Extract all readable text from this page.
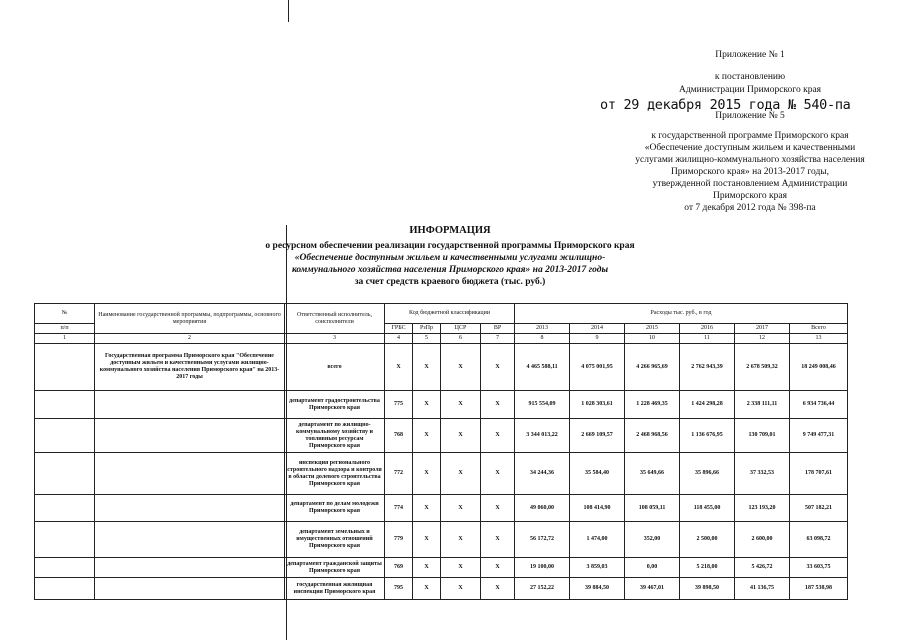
Приложение № 1
к постановлению
Администрации Приморского края
от 29 декабря 2015 года № 540-па
Приложение № 5
к государственной программе Приморского края
«Обеспечение доступным жильем и качественными
услугами жилищно-коммунального хозяйства населения
Приморского края» на 2013-2017 годы,
утвержденной постановлением Администрации
Приморского края
от 7 декабря 2012 года № 398-па
ИНФОРМАЦИЯ
о ресурсном обеспечении реализации государственной программы Приморского края
«Обеспечение доступным жильем и качественными услугами жилищно-
коммунального хозяйства населения Приморского края» на 2013-2017 годы
за счет средств краевого бюджета (тыс. руб.)
№	Наименование государственной программы, подпрограммы, основного мероприятия	Ответственный исполнитель, соисполнители	Код бюджетной классификации				Расходы тыс. руб., в год					
п/п			ГРБС	РзПр	ЦСР	ВР	2013	2014	2015	2016	2017	Всего
1	2	3	4	5	6	7	8	9	10	11	12	13
	Государственная программа Приморского края "Обеспечение доступным жильем и качественными услугами жилищно-коммунального хозяйства населения Приморского края" на 2013-2017 годы	всего	Х	Х	Х	Х	4 465 588,11	4 075 001,95	4 266 965,69	2 762 943,39	2 678 509,32	18 249 008,46
		департамент градостроительства Приморского края	775	Х	Х	Х	915 554,09	1 028 303,61	1 228 469,35	1 424 298,28	2 338 111,11	6 934 736,44
		департамент по жилищно-коммунальному хозяйству и топливным ресурсам Приморского края	768	Х	Х	Х	3 344 013,22	2 669 109,57	2 468 968,56	1 136 676,95	130 709,01	9 749 477,31
		инспекция регионального строительного надзора и контроля в области долевого строительства Приморского края	772	Х	Х	Х	34 244,36	35 584,40	35 649,66	35 896,66	37 332,53	178 707,61
		департамент по делам молодежи Приморского края	774	Х	Х	Х	49 060,00	108 414,90	108 059,11	118 455,00	123 193,20	507 182,21
		департамент земельных и имущественных отношений Приморского края	779	Х	Х	Х	56 172,72	1 474,00	352,00	2 500,00	2 600,00	63 098,72
		департамент гражданской защиты Приморского края	769	Х	Х	Х	19 100,00	3 859,03	0,00	5 218,00	5 426,72	33 603,75
		государственная жилищная инспекция Приморского края	795	Х	Х	Х	27 152,22	39 884,50	39 467,01	39 898,50	41 136,75	187 538,98
